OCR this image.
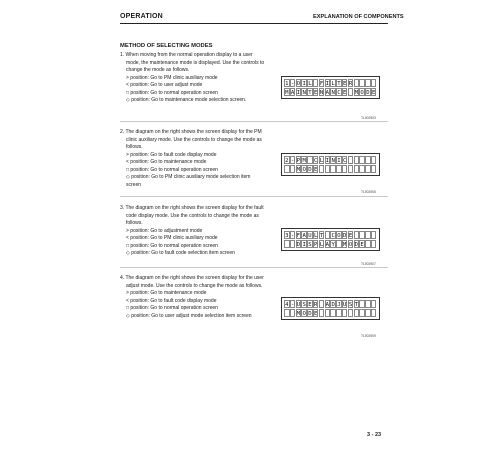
OPERATION	EXPLANATION OF COMPONENTS
METHOD OF SELECTING MODES
1. When moving from the normal operation display to a user
mode, the maintenance mode is displayed. Use the controls to
change the mode as follows.
> position: Go to PM clinic auxiliary mode
< position: Go to user adjust mode
□ position: Go to normal operation screen
◇ position: Go to maintenance mode selection screen.
1 - O I L F I L T E R
M A I N T E N A N C E M O D E
TL002903
2. The diagram on the right shows the screen display for the PM
clinic auxiliary mode. Use the controls to change the mode as
follows.
> position: Go to fault code display mode
< position: Go to maintenance mode
□ position: Go to normal operation screen
◇ position: Go to PM clinic auxiliary mode selection item
screen
2 - P M C L I N I C
M O D E
TL002905
3. The diagram on the right shows the screen display for the fault
code display mode. Use the controls to change the mode as
follows.
> position: Go to adjustment mode
< position: Go to PM clinic auxiliary mode
□ position: Go to normal operation screen
◇ position: Go to fault code selection item screen
3 - F A U L T C O D E
D I S P L A Y M O D E
TL002907
4. The diagram on the right shows the screen display for the user
adjust mode. Use the controls to change the mode as follows.
> position: Go to maintenance mode
< position: Go to fault code display mode
□ position: Go to normal operation screen
◇ position: Go to user adjust mode selection item screen
4 - U S E R A D J U S T
M O D E
TL002909
3 - 23
